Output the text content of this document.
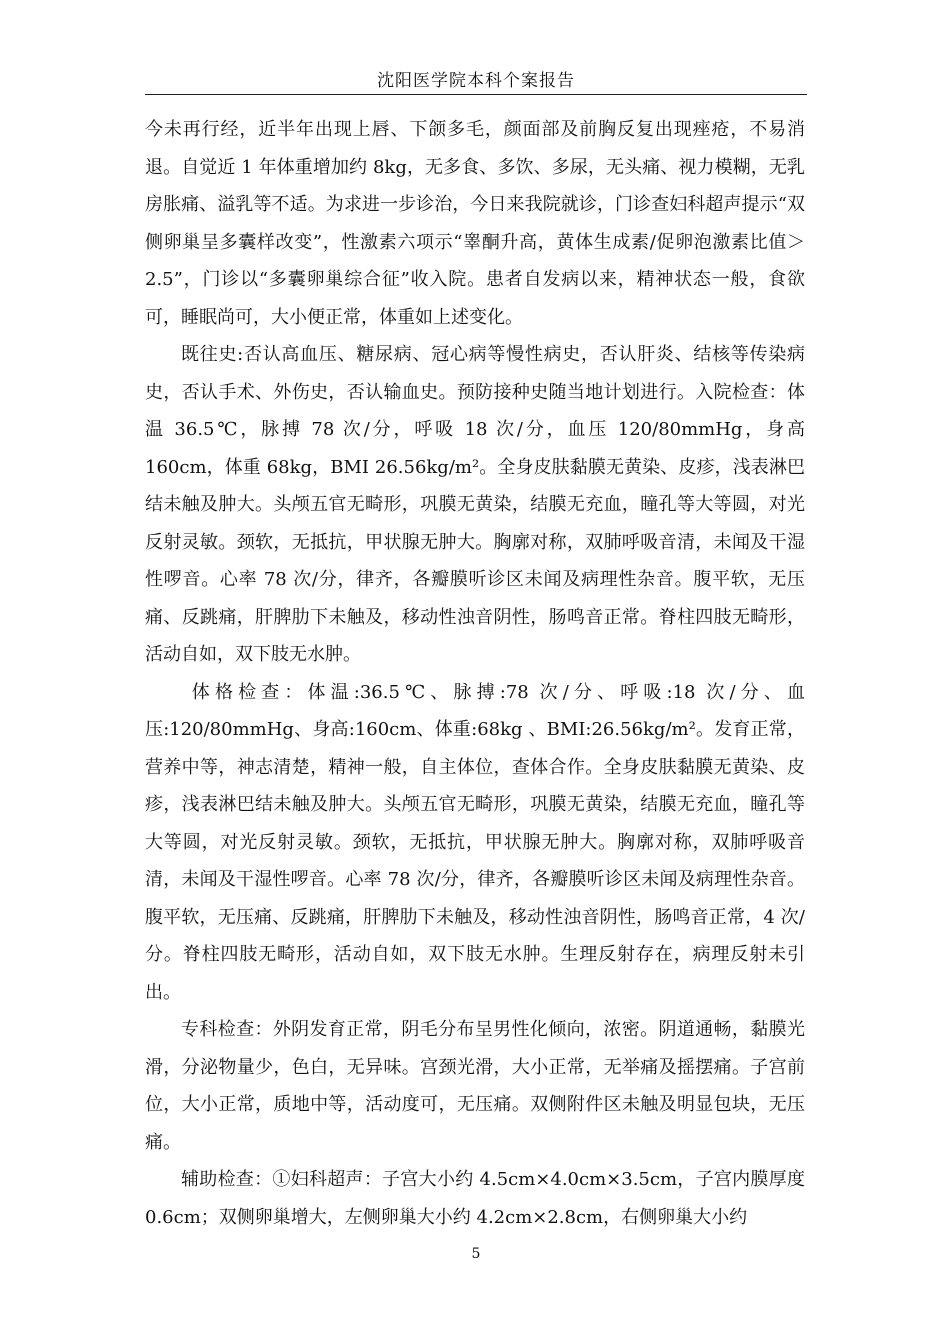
沈阳医学院本科个案报告

今未再行经，近半年出现上唇、下颌多毛，颜面部及前胸反复出现痤疮，不易消退。自觉近 1 年体重增加约 8kg，无多食、多饮、多尿，无头痛、视力模糊，无乳房胀痛、溢乳等不适。为求进一步诊治，今日来我院就诊，门诊查妇科超声提示“双侧卵巢呈多囊样改变”，性激素六项示“睾酮升高，黄体生成素/促卵泡激素比值＞2.5”，门诊以“多囊卵巢综合征”收入院。患者自发病以来，精神状态一般，食欲可，睡眠尚可，大小便正常，体重如上述变化。

既往史:否认高血压、糖尿病、冠心病等慢性病史，否认肝炎、结核等传染病史，否认手术、外伤史，否认输血史。预防接种史随当地计划进行。入院检查：体温 36.5℃，脉搏 78 次/分，呼吸 18 次/分，血压 120/80mmHg，身高 160cm，体重 68kg，BMI 26.56kg/m²。全身皮肤黏膜无黄染、皮疹，浅表淋巴结未触及肿大。头颅五官无畸形，巩膜无黄染，结膜无充血，瞳孔等大等圆，对光反射灵敏。颈软，无抵抗，甲状腺无肿大。胸廓对称，双肺呼吸音清，未闻及干湿性啰音。心率 78 次/分，律齐，各瓣膜听诊区未闻及病理性杂音。腹平软，无压痛、反跳痛，肝脾肋下未触及，移动性浊音阴性，肠鸣音正常。脊柱四肢无畸形，活动自如，双下肢无水肿。

体格检查：体温:36.5℃、脉搏:78 次/分、呼吸:18 次/分、血压:120/80mmHg、身高:160cm、体重:68kg 、BMI:26.56kg/m²。发育正常，营养中等，神志清楚，精神一般，自主体位，查体合作。全身皮肤黏膜无黄染、皮疹，浅表淋巴结未触及肿大。头颅五官无畸形，巩膜无黄染，结膜无充血，瞳孔等大等圆，对光反射灵敏。颈软，无抵抗，甲状腺无肿大。胸廓对称，双肺呼吸音清，未闻及干湿性啰音。心率 78 次/分，律齐，各瓣膜听诊区未闻及病理性杂音。腹平软，无压痛、反跳痛，肝脾肋下未触及，移动性浊音阴性，肠鸣音正常，4 次/分。脊柱四肢无畸形，活动自如，双下肢无水肿。生理反射存在，病理反射未引出。

专科检查：外阴发育正常，阴毛分布呈男性化倾向，浓密。阴道通畅，黏膜光滑，分泌物量少，色白，无异味。宫颈光滑，大小正常，无举痛及摇摆痛。子宫前位，大小正常，质地中等，活动度可，无压痛。双侧附件区未触及明显包块，无压痛。

辅助检查：①妇科超声：子宫大小约 4.5cm×4.0cm×3.5cm，子宫内膜厚度 0.6cm；双侧卵巢增大，左侧卵巢大小约 4.2cm×2.8cm，右侧卵巢大小约

5
